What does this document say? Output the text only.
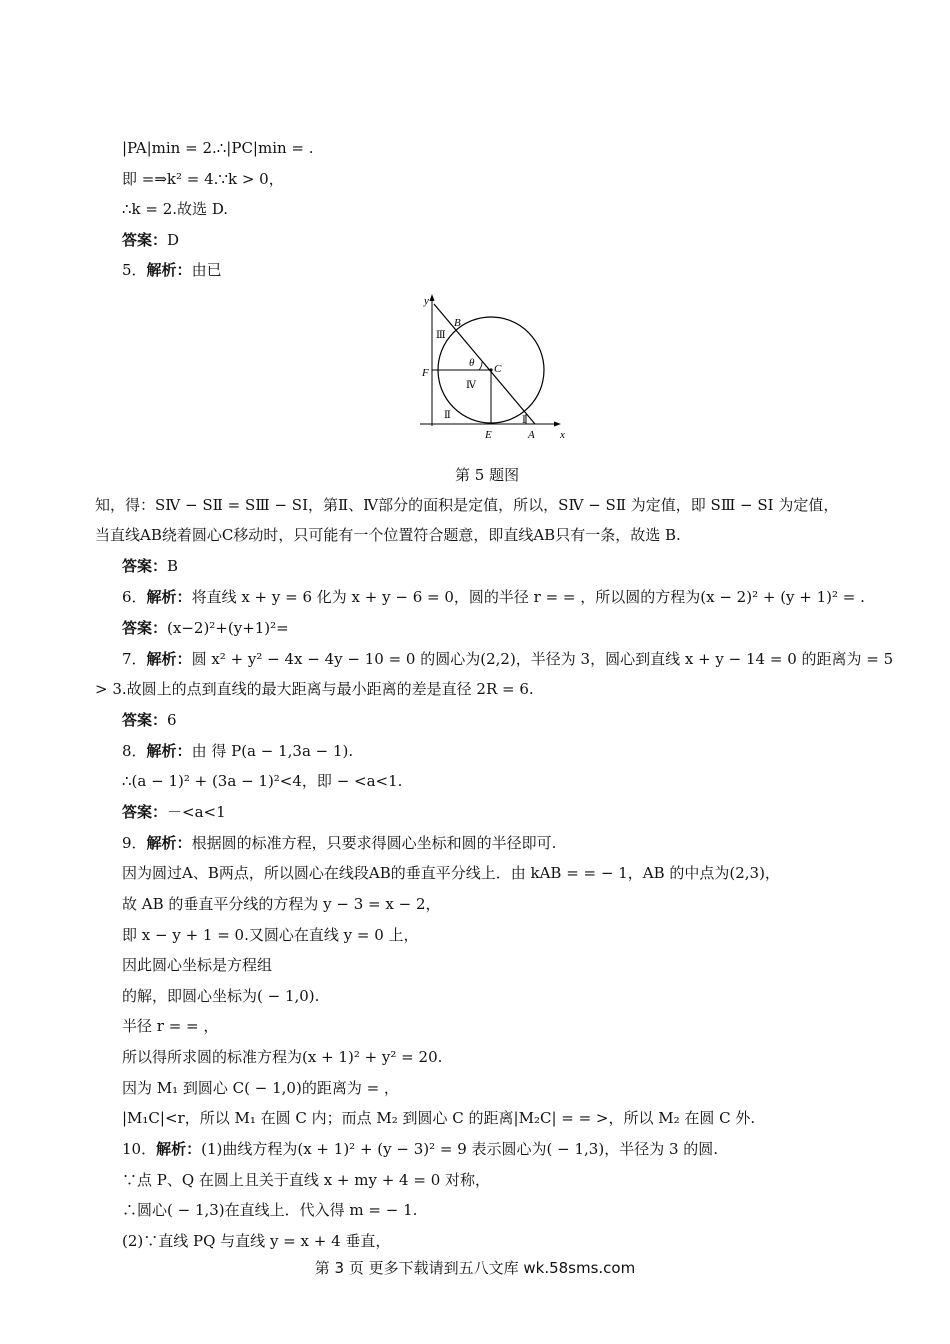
|PA|min = 2.∴|PC|min = .
即 =⇒k² = 4.∵k > 0，
∴k = 2.故选 D.
答案：D
5．解析：由已
y
x
B
C
F
E	A
θ
Ⅲ
Ⅳ
Ⅱ	Ⅰ
第 5 题图
知，得：SⅣ − SⅡ = SⅢ − SⅠ，第Ⅱ、Ⅳ部分的面积是定值，所以，SⅣ − SⅡ 为定值，即 SⅢ − SⅠ 为定值，
当直线AB绕着圆心C移动时，只可能有一个位置符合题意，即直线AB只有一条，故选 B.
答案：B
6．解析：将直线 x + y = 6 化为 x + y − 6 = 0，圆的半径 r = = ，所以圆的方程为(x − 2)² + (y + 1)² = .
答案：(x−2)²+(y+1)²=
7．解析：圆 x² + y² − 4x − 4y − 10 = 0 的圆心为(2,2)，半径为 3，圆心到直线 x + y − 14 = 0 的距离为 = 5
> 3.故圆上的点到直线的最大距离与最小距离的差是直径 2R = 6.
答案：6
8．解析：由 得 P(a − 1,3a − 1).
∴(a − 1)² + (3a − 1)²<4，即 − <a<1.
答案：－<a<1
9．解析：根据圆的标准方程，只要求得圆心坐标和圆的半径即可.
因为圆过A、B两点，所以圆心在线段AB的垂直平分线上．由 kAB = = − 1，AB 的中点为(2,3)，
故 AB 的垂直平分线的方程为 y − 3 = x − 2，
即 x − y + 1 = 0.又圆心在直线 y = 0 上，
因此圆心坐标是方程组
的解，即圆心坐标为( − 1,0).
半径 r = = ，
所以得所求圆的标准方程为(x + 1)² + y² = 20.
因为 M₁ 到圆心 C( − 1,0)的距离为 = ，
|M₁C|<r，所以 M₁ 在圆 C 内；而点 M₂ 到圆心 C 的距离|M₂C| = = >，所以 M₂ 在圆 C 外.
10．解析：(1)曲线方程为(x + 1)² + (y − 3)² = 9 表示圆心为( − 1,3)，半径为 3 的圆.
∵点 P、Q 在圆上且关于直线 x + my + 4 = 0 对称，
∴圆心( − 1,3)在直线上．代入得 m = − 1.
(2)∵直线 PQ 与直线 y = x + 4 垂直，
第 3 页 更多下载请到五八文库 wk.58sms.com
